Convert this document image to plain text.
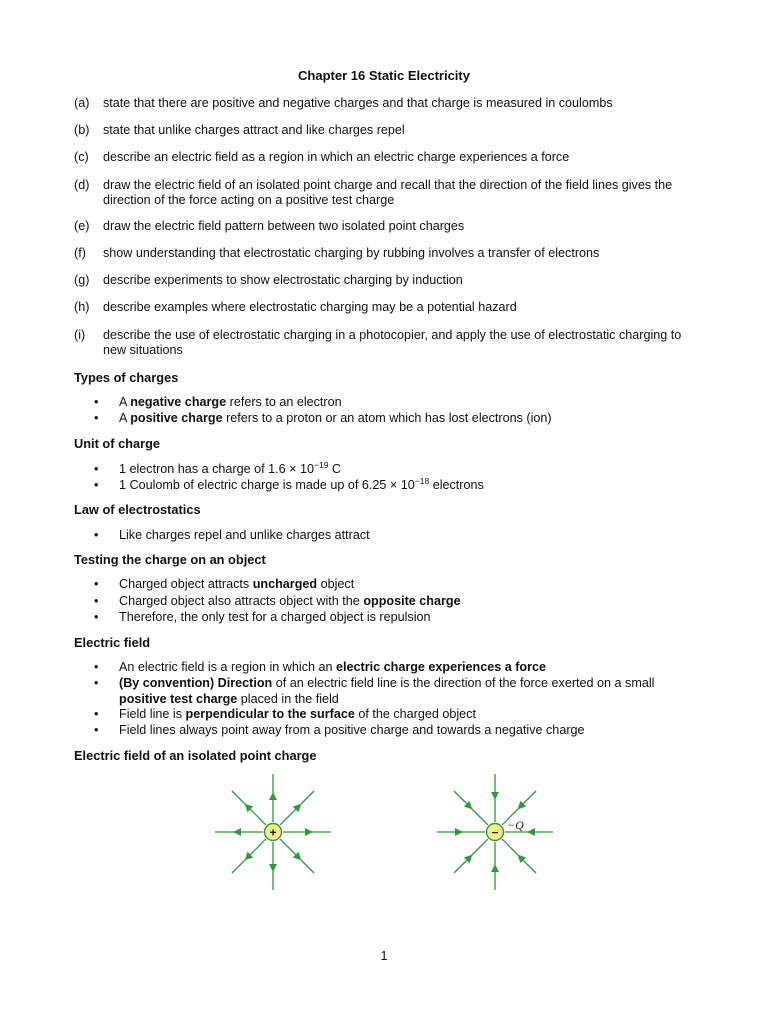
Chapter 16 Static Electricity
(a)	state that there are positive and negative charges and that charge is measured in coulombs
(b)	state that unlike charges attract and like charges repel
(c)	describe an electric field as a region in which an electric charge experiences a force
(d)	draw the electric field of an isolated point charge and recall that the direction of the field lines gives the direction of the force acting on a positive test charge
(e)	draw the electric field pattern between two isolated point charges
(f)	show understanding that electrostatic charging by rubbing involves a transfer of electrons
(g)	describe experiments to show electrostatic charging by induction
(h)	describe examples where electrostatic charging may be a potential hazard
(i)	describe the use of electrostatic charging in a photocopier, and apply the use of electrostatic charging to new situations
Types of charges
• A negative charge refers to an electron
• A positive charge refers to a proton or an atom which has lost electrons (ion)
Unit of charge
• 1 electron has a charge of $1.6 \times 10^{-19}$ C
• 1 Coulomb of electric charge is made up of $6.25 \times 10^{-18}$ electrons
Law of electrostatics
• Like charges repel and unlike charges attract
Testing the charge on an object
• Charged object attracts uncharged object
• Charged object also attracts object with the opposite charge
• Therefore, the only test for a charged object is repulsion
Electric field
• An electric field is a region in which an electric charge experiences a force
• (By convention) Direction of an electric field line is the direction of the force exerted on a small positive test charge placed in the field
• Field line is perpendicular to the surface of the charged object
• Field lines always point away from a positive charge and towards a negative charge
Electric field of an isolated point charge
+	−
−Q
1
